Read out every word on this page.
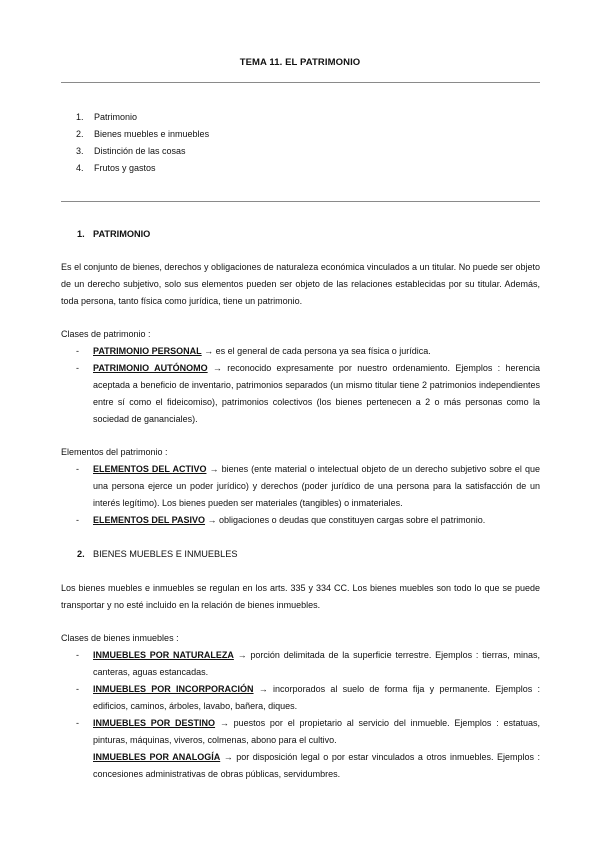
TEMA 11. EL PATRIMONIO
1. Patrimonio
2. Bienes muebles e inmuebles
3. Distinción de las cosas
4. Frutos y gastos
1. PATRIMONIO
Es el conjunto de bienes, derechos y obligaciones de naturaleza económica vinculados a un titular. No puede ser objeto de un derecho subjetivo, solo sus elementos pueden ser objeto de las relaciones establecidas por su titular. Además, toda persona, tanto física como jurídica, tiene un patrimonio.
Clases de patrimonio :
- PATRIMONIO PERSONAL → es el general de cada persona ya sea física o jurídica.
- PATRIMONIO AUTÓNOMO → reconocido expresamente por nuestro ordenamiento. Ejemplos : herencia aceptada a beneficio de inventario, patrimonios separados (un mismo titular tiene 2 patrimonios independientes entre sí como el fideicomiso), patrimonios colectivos (los bienes pertenecen a 2 o más personas como la sociedad de gananciales).
Elementos del patrimonio :
- ELEMENTOS DEL ACTIVO → bienes (ente material o intelectual objeto de un derecho subjetivo sobre el que una persona ejerce un poder jurídico) y derechos (poder jurídico de una persona para la satisfacción de un interés legítimo). Los bienes pueden ser materiales (tangibles) o inmateriales.
- ELEMENTOS DEL PASIVO → obligaciones o deudas que constituyen cargas sobre el patrimonio.
2. BIENES MUEBLES E INMUEBLES
Los bienes muebles e inmuebles se regulan en los arts. 335 y 334 CC. Los bienes muebles son todo lo que se puede transportar y no esté incluido en la relación de bienes inmuebles.
Clases de bienes inmuebles :
- INMUEBLES POR NATURALEZA → porción delimitada de la superficie terrestre. Ejemplos : tierras, minas, canteras, aguas estancadas.
- INMUEBLES POR INCORPORACIÓN → incorporados al suelo de forma fija y permanente. Ejemplos : edificios, caminos, árboles, lavabo, bañera, diques.
- INMUEBLES POR DESTINO → puestos por el propietario al servicio del inmueble. Ejemplos : estatuas, pinturas, máquinas, viveros, colmenas, abono para el cultivo.
INMUEBLES POR ANALOGÍA → por disposición legal o por estar vinculados a otros inmuebles. Ejemplos : concesiones administrativas de obras públicas, servidumbres.
